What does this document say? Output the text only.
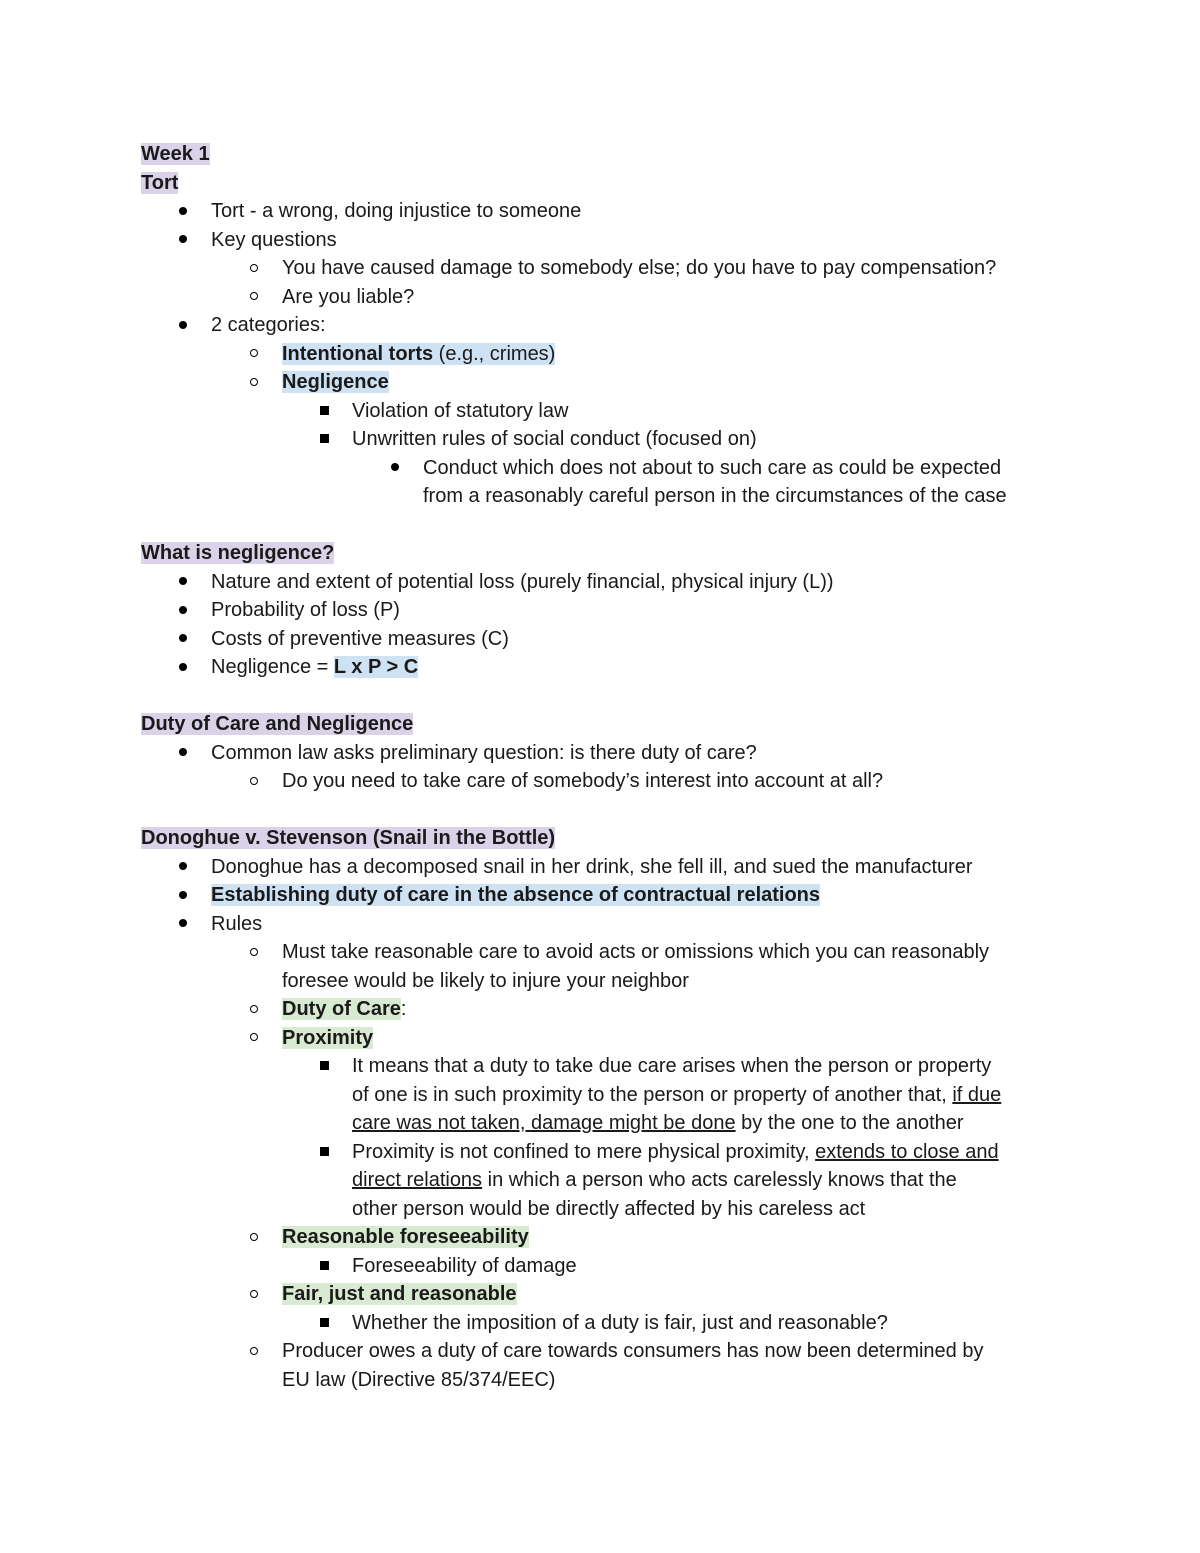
Week 1
Tort
Tort - a wrong, doing injustice to someone
Key questions
You have caused damage to somebody else; do you have to pay compensation?
Are you liable?
2 categories:
Intentional torts (e.g., crimes)
Negligence
Violation of statutory law
Unwritten rules of social conduct (focused on)
Conduct which does not about to such care as could be expected
from a reasonably careful person in the circumstances of the case
What is negligence?
Nature and extent of potential loss (purely financial, physical injury (L))
Probability of loss (P)
Costs of preventive measures (C)
Negligence = L x P > C
Duty of Care and Negligence
Common law asks preliminary question: is there duty of care?
Do you need to take care of somebody’s interest into account at all?
Donoghue v. Stevenson (Snail in the Bottle)
Donoghue has a decomposed snail in her drink, she fell ill, and sued the manufacturer
Establishing duty of care in the absence of contractual relations
Rules
Must take reasonable care to avoid acts or omissions which you can reasonably
foresee would be likely to injure your neighbor
Duty of Care:
Proximity
It means that a duty to take due care arises when the person or property
of one is in such proximity to the person or property of another that, if due
care was not taken, damage might be done by the one to the another
Proximity is not confined to mere physical proximity, extends to close and
direct relations in which a person who acts carelessly knows that the
other person would be directly affected by his careless act
Reasonable foreseeability
Foreseeability of damage
Fair, just and reasonable
Whether the imposition of a duty is fair, just and reasonable?
Producer owes a duty of care towards consumers has now been determined by
EU law (Directive 85/374/EEC)
